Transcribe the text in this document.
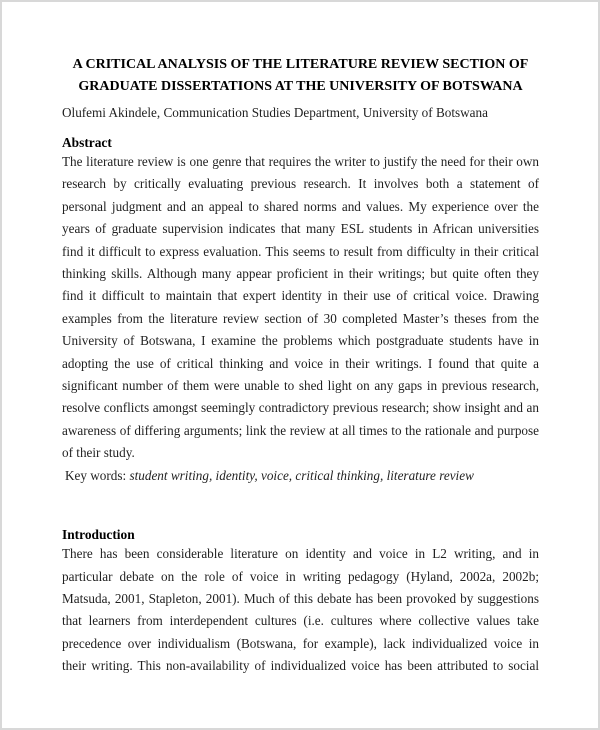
A CRITICAL ANALYSIS OF THE LITERATURE REVIEW SECTION OF
GRADUATE DISSERTATIONS AT THE UNIVERSITY OF BOTSWANA
Olufemi Akindele, Communication Studies Department, University of Botswana
Abstract
The literature review is one genre that requires the writer to justify the need for their own
research by critically evaluating previous research. It involves both a statement of
personal judgment and an appeal to shared norms and values. My experience over the
years of graduate supervision indicates that many ESL students in African universities
find it difficult to express evaluation. This seems to result from difficulty in their critical
thinking skills. Although many appear proficient in their writings; but quite often they
find it difficult to maintain that expert identity in their use of critical voice. Drawing
examples from the literature review section of 30 completed Master’s theses from the
University of Botswana, I examine the problems which postgraduate students have in
adopting the use of critical thinking and voice in their writings. I found that quite a
significant number of them were unable to shed light on any gaps in previous research,
resolve conflicts amongst seemingly contradictory previous research; show insight and an
awareness of differing arguments; link the review at all times to the rationale and purpose
of their study.
Key words: student writing, identity, voice, critical thinking, literature review
Introduction
There has been considerable literature on identity and voice in L2 writing, and in
particular debate on the role of voice in writing pedagogy (Hyland, 2002a, 2002b;
Matsuda, 2001, Stapleton, 2001). Much of this debate has been provoked by suggestions
that learners from interdependent cultures (i.e. cultures where collective values take
precedence over individualism (Botswana, for example), lack individualized voice in
their writing. This non-availability of individualized voice has been attributed to social
